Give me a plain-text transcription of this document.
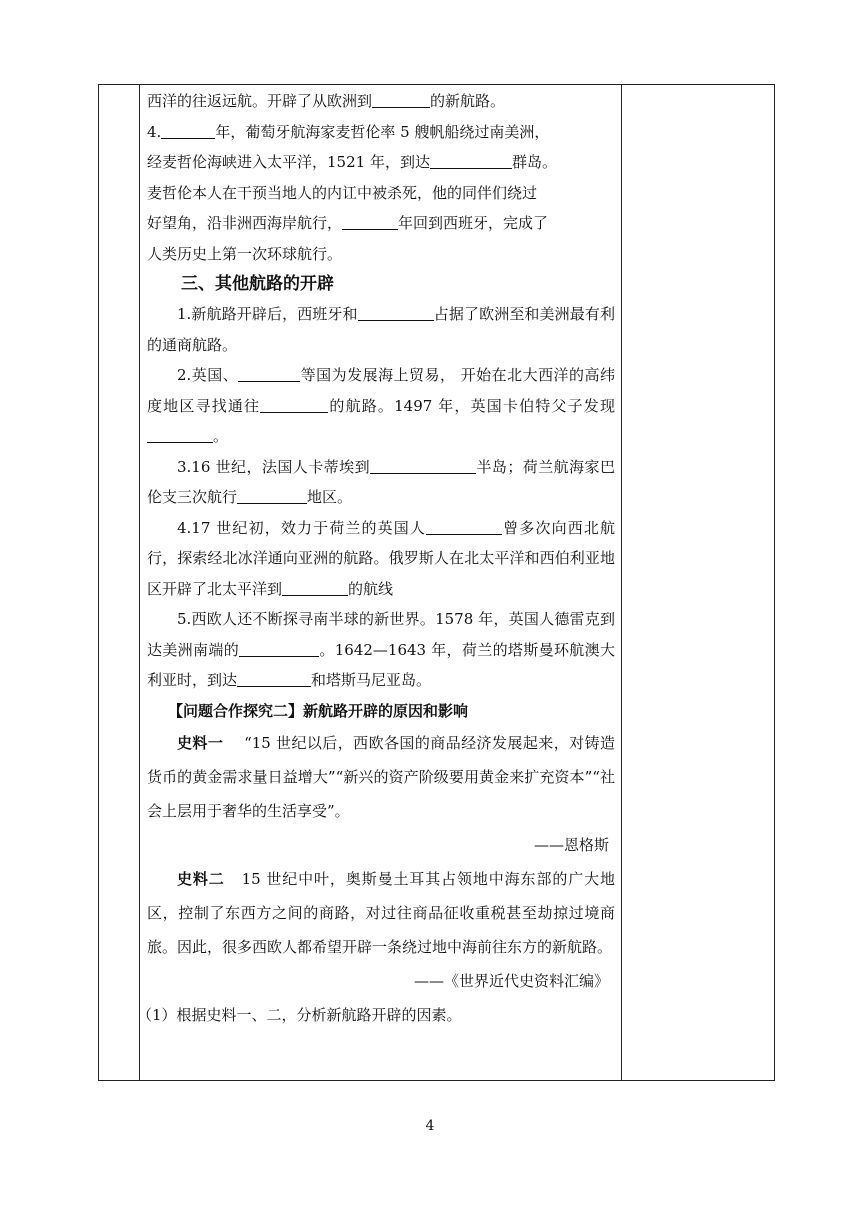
西洋的往返远航。开辟了从欧洲到	的新航路。

4.	年，葡萄牙航海家麦哲伦率 5 艘帆船绕过南美洲，

经麦哲伦海峡进入太平洋，1521 年，到达	群岛。

麦哲伦本人在干预当地人的内讧中被杀死，他的同伴们绕过

好望角，沿非洲西海岸航行，	年回到西班牙，完成了

人类历史上第一次环球航行。

三、其他航路的开辟

1.新航路开辟后，西班牙和	占据了欧洲至和美洲最有利的通商航路。

2.英国、	等国为发展海上贸易， 开始在北大西洋的高纬度地区寻找通往	的航路。1497 年，英国卡伯特父子发现。

3.16 世纪，法国人卡蒂埃到	半岛；荷兰航海家巴伦支三次航行	地区。

4.17 世纪初，效力于荷兰的英国人	曾多次向西北航行，探索经北冰洋通向亚洲的航路。俄罗斯人在北太平洋和西伯利亚地区开辟了北太平洋到	的航线

5.西欧人还不断探寻南半球的新世界。1578 年，英国人德雷克到达美洲南端的	。1642—1643 年，荷兰的塔斯曼环航澳大利亚时，到达	和塔斯马尼亚岛。

【问题合作探究二】新航路开辟的原因和影响

史料一 “15 世纪以后，西欧各国的商品经济发展起来，对铸造货币的黄金需求量日益增大”“新兴的资产阶级要用黄金来扩充资本”“社会上层用于奢华的生活享受”。

——恩格斯

史料二 15 世纪中叶，奥斯曼土耳其占领地中海东部的广大地区，控制了东西方之间的商路，对过往商品征收重税甚至劫掠过境商旅。因此，很多西欧人都希望开辟一条绕过地中海前往东方的新航路。

——《世界近代史资料汇编》

（1）根据史料一、二，分析新航路开辟的因素。

4
